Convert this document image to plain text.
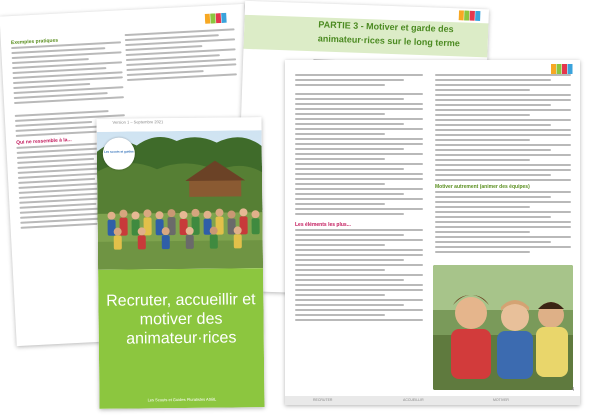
Exemples pratiques
Qui ne ressemble à la...
PARTIE 3 - Motiver et garde des
animateur·rices sur le long terme
Les éléments les plus...
Motiver autrement (animer des équipes)
4
RECRUTER	ACCUEILLIR	MOTIVER
Version 1 – Septembre 2021
Les scouts et guides
Recruter, accueillir et motiver des animateur·rices
Les Scouts et Guides Pluralistes ASBL
